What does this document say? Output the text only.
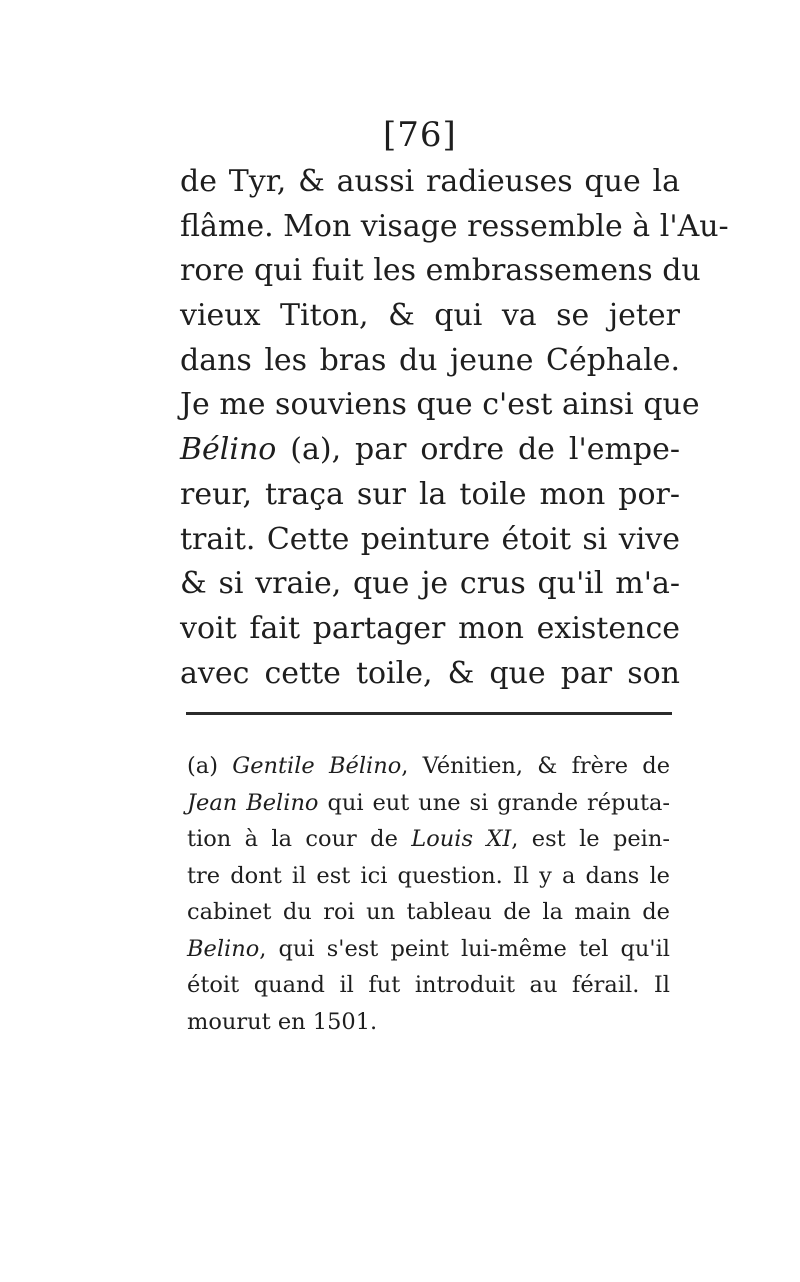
[76]
de Tyr, & aussi radieuses que la
flâme. Mon visage ressemble à l'Au-
rore qui fuit les embrassemens du
vieux Titon, & qui va se jeter
dans les bras du jeune Céphale.
Je me souviens que c'est ainsi que
Bélino (a), par ordre de l'empe-
reur, traça sur la toile mon por-
trait. Cette peinture étoit si vive
& si vraie, que je crus qu'il m'a-
voit fait partager mon existence
avec cette toile, & que par son
(a) Gentile Bélino, Vénitien, & frère de
Jean Belino qui eut une si grande réputa-
tion à la cour de Louis XI, est le pein-
tre dont il est ici question. Il y a dans le
cabinet du roi un tableau de la main de
Belino, qui s'est peint lui-même tel qu'il
étoit quand il fut introduit au férail. Il
mourut en 1501.
